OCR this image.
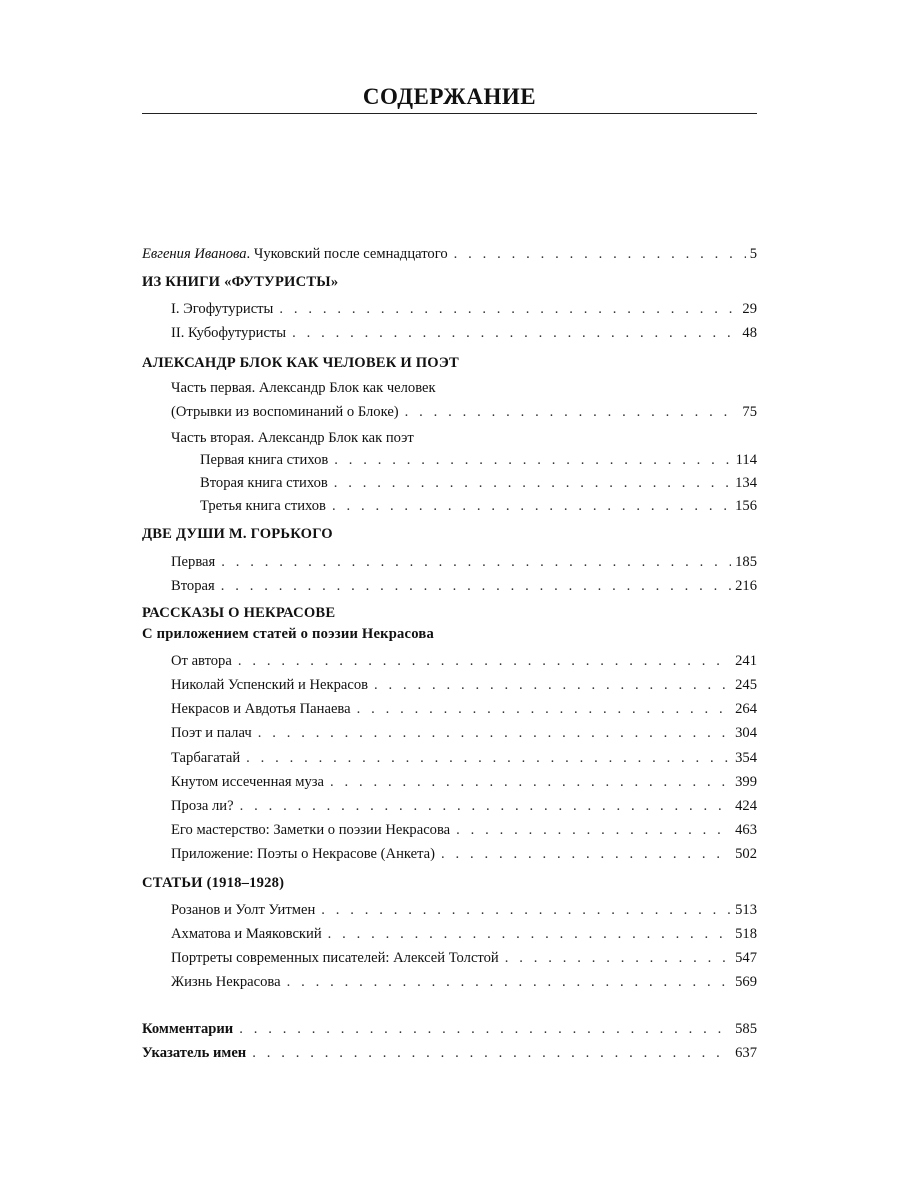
СОДЕРЖАНИЕ
Евгения Иванова. Чуковский после семнадцатого . . .	5
ИЗ КНИГИ «ФУТУРИСТЫ»
I. Эгофутуристы . . .	29
II. Кубофутуристы . . .	48
АЛЕКСАНДР БЛОК КАК ЧЕЛОВЕК И ПОЭТ
Часть первая. Александр Блок как человек
(Отрывки из воспоминаний о Блоке) . . .	75
Часть вторая. Александр Блок как поэт
Первая книга стихов . . .	114
Вторая книга стихов . . .	134
Третья книга стихов . . .	156
ДВЕ ДУШИ М. ГОРЬКОГО
Первая . . .	185
Вторая . . .	216
РАССКАЗЫ О НЕКРАСОВЕ
С приложением статей о поэзии Некрасова
От автора . . .	241
Николай Успенский и Некрасов . . .	245
Некрасов и Авдотья Панаева . . .	264
Поэт и палач . . .	304
Тарбагатай . . .	354
Кнутом иссеченная муза . . .	399
Проза ли? . . .	424
Его мастерство: Заметки о поэзии Некрасова . . .	463
Приложение: Поэты о Некрасове (Анкета) . . .	502
СТАТЬИ (1918–1928)
Розанов и Уолт Уитмен . . .	513
Ахматова и Маяковский . . .	518
Портреты современных писателей: Алексей Толстой . . .	547
Жизнь Некрасова . . .	569
Комментарии . . .	585
Указатель имен . . .	637
